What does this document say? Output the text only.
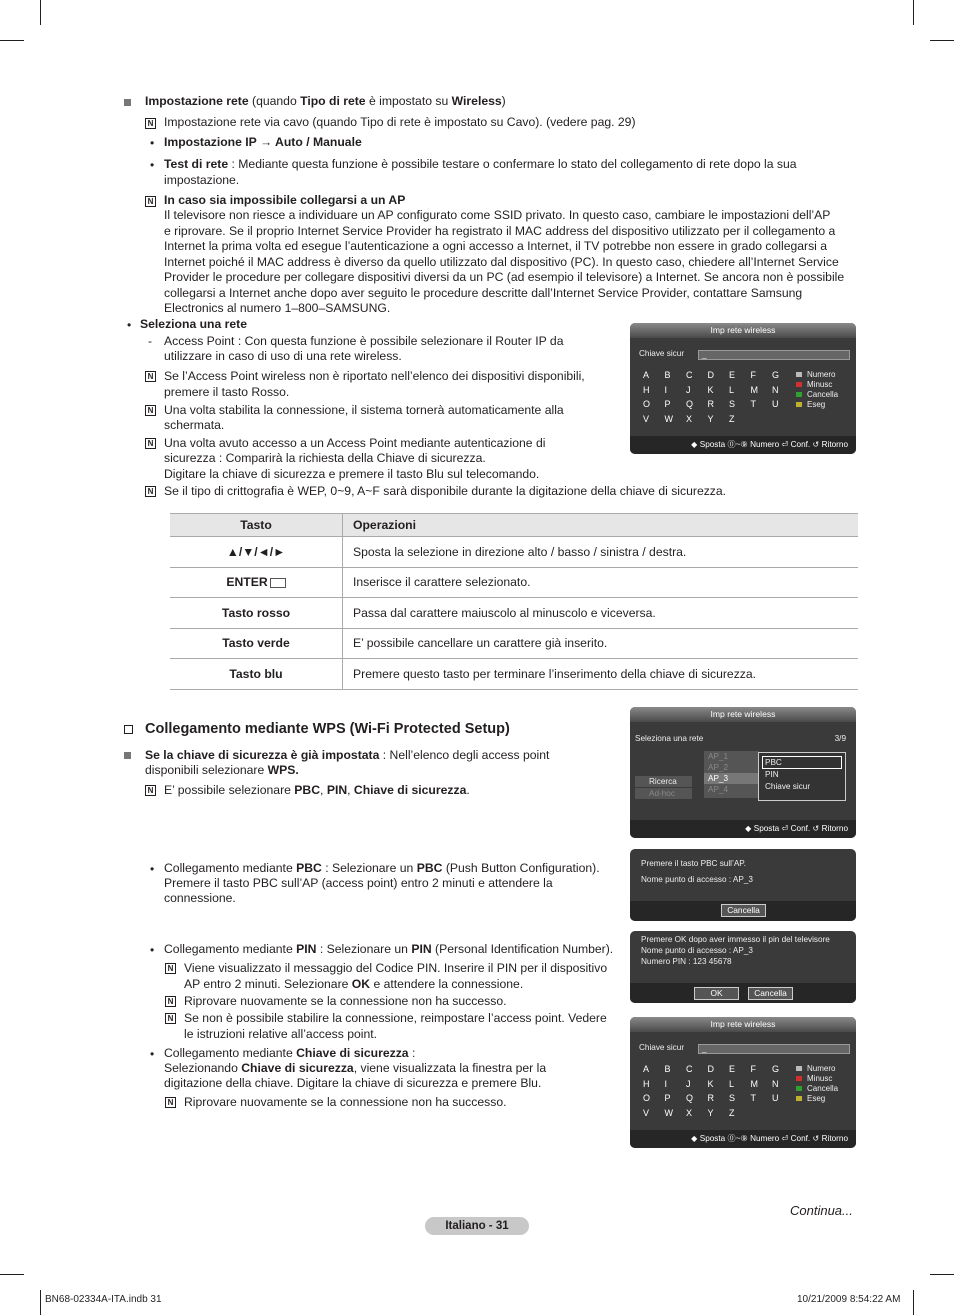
Impostazione rete (quando Tipo di rete è impostato su Wireless)
N Impostazione rete via cavo (quando Tipo di rete è impostato su Cavo). (vedere pag. 29)
• Impostazione IP → Auto / Manuale
• Test di rete : Mediante questa funzione è possibile testare o confermare lo stato del collegamento di rete dopo la sua
impostazione.
N In caso sia impossibile collegarsi a un AP
Il televisore non riesce a individuare un AP configurato come SSID privato. In questo caso, cambiare le impostazioni dell’AP
e riprovare. Se il proprio Internet Service Provider ha registrato il MAC address del dispositivo utilizzato per il collegamento a
Internet la prima volta ed esegue l’autenticazione a ogni accesso a Internet, il TV potrebbe non essere in grado collegarsi a
Internet poiché il MAC address è diverso da quello utilizzato dal dispositivo (PC). In questo caso, chiedere all’Internet Service
Provider le procedure per collegare dispositivi diversi da un PC (ad esempio il televisore) a Internet. Se ancora non è possibile
collegarsi a Internet anche dopo aver seguito le procedure descritte dall’Internet Service Provider, contattare Samsung
Electronics al numero 1–800–SAMSUNG.
• Seleziona una rete
- Access Point : Con questa funzione è possibile selezionare il Router IP da
utilizzare in caso di uso di una rete wireless.
N Se l’Access Point wireless non è riportato nell’elenco dei dispositivi disponibili,
premere il tasto Rosso.
N Una volta stabilita la connessione, il sistema tornerà automaticamente alla
schermata.
N Una volta avuto accesso a un Access Point mediante autenticazione di
sicurezza : Comparirà la richiesta della Chiave di sicurezza.
Digitare la chiave di sicurezza e premere il tasto Blu sul telecomando.
N Se il tipo di crittografia è WEP, 0~9, A~F sarà disponibile durante la digitazione della chiave di sicurezza.
Imp rete wireless
Chiave sicur	_
A	B	C	D	E	F	G
H	I	J	K	L	M	N
O	P	Q	R	S	T	U
V	W	X	Y	Z
Numero
Minusc
Cancella
Eseg
◆ Sposta ⓪~⑨ Numero ⏎ Conf. ↺ Ritorno
Tasto	Operazioni
▲/▼/◄/►	Sposta la selezione in direzione alto / basso / sinistra / destra.
ENTER	Inserisce il carattere selezionato.
Tasto rosso	Passa dal carattere maiuscolo al minuscolo e viceversa.
Tasto verde	E’ possibile cancellare un carattere già inserito.
Tasto blu	Premere questo tasto per terminare l’inserimento della chiave di sicurezza.
Collegamento mediante WPS (Wi-Fi Protected Setup)
Se la chiave di sicurezza è già impostata : Nell’elenco degli access point
disponibili selezionare WPS.
N E’ possibile selezionare PBC, PIN, Chiave di sicurezza.
Imp rete wireless
Seleziona una rete	3/9
AP_1
AP_2
AP_3
AP_4
Ricerca
Ad-hoc
PBC
PIN
Chiave sicur
◆ Sposta ⏎ Conf. ↺ Ritorno
• Collegamento mediante PBC : Selezionare un PBC (Push Button Configuration).
Premere il tasto PBC sull’AP (access point) entro 2 minuti e attendere la
connessione.
Premere il tasto PBC sull’AP.
Nome punto di accesso : AP_3
Cancella
• Collegamento mediante PIN : Selezionare un PIN (Personal Identification Number).
N Viene visualizzato il messaggio del Codice PIN. Inserire il PIN per il dispositivo
AP entro 2 minuti. Selezionare OK e attendere la connessione.
N Riprovare nuovamente se la connessione non ha successo.
N Se non è possibile stabilire la connessione, reimpostare l’access point. Vedere
le istruzioni relative all’access point.
Premere OK dopo aver immesso il pin del televisore
Nome punto di accesso : AP_3
Numero PIN : 123 45678
OK	Cancella
• Collegamento mediante Chiave di sicurezza :
Selezionando Chiave di sicurezza, viene visualizzata la finestra per la
digitazione della chiave. Digitare la chiave di sicurezza e premere Blu.
N Riprovare nuovamente se la connessione non ha successo.
Imp rete wireless
Chiave sicur	_
A	B	C	D	E	F	G
H	I	J	K	L	M	N
O	P	Q	R	S	T	U
V	W	X	Y	Z
Numero
Minusc
Cancella
Eseg
◆ Sposta ⓪~⑨ Numero ⏎ Conf. ↺ Ritorno
Continua...
Italiano - 31
BN68-02334A-ITA.indb 31	10/21/2009 8:54:22 AM
